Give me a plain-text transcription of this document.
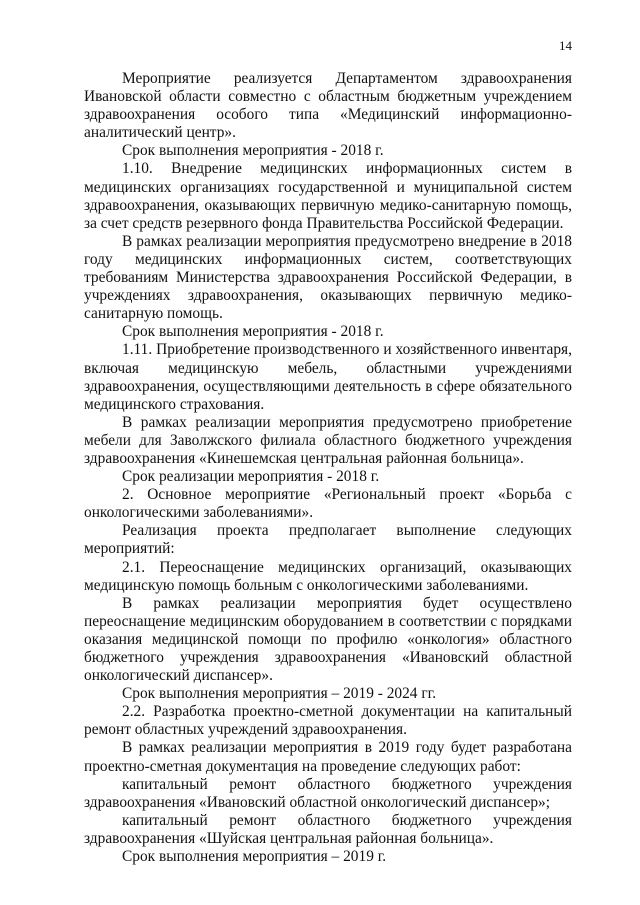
14

Мероприятие реализуется Департаментом здравоохранения Ивановской области совместно с областным бюджетным учреждением здравоохранения особого типа «Медицинский информационно-аналитический центр».

Срок выполнения мероприятия - 2018 г.

1.10. Внедрение медицинских информационных систем в медицинских организациях государственной и муниципальной систем здравоохранения, оказывающих первичную медико-санитарную помощь, за счет средств резервного фонда Правительства Российской Федерации.

В рамках реализации мероприятия предусмотрено внедрение в 2018 году медицинских информационных систем, соответствующих требованиям Министерства здравоохранения Российской Федерации, в учреждениях здравоохранения, оказывающих первичную медико-санитарную помощь.

Срок выполнения мероприятия - 2018 г.

1.11. Приобретение производственного и хозяйственного инвентаря, включая медицинскую мебель, областными учреждениями здравоохранения, осуществляющими деятельность в сфере обязательного медицинского страхования.

В рамках реализации мероприятия предусмотрено приобретение мебели для Заволжского филиала областного бюджетного учреждения здравоохранения «Кинешемская центральная районная больница».

Срок реализации мероприятия - 2018 г.

2. Основное мероприятие «Региональный проект «Борьба с онкологическими заболеваниями».

Реализация проекта предполагает выполнение следующих мероприятий:

2.1. Переоснащение медицинских организаций, оказывающих медицинскую помощь больным с онкологическими заболеваниями.

В рамках реализации мероприятия будет осуществлено переоснащение медицинским оборудованием в соответствии с порядками оказания медицинской помощи по профилю «онкология» областного бюджетного учреждения здравоохранения «Ивановский областной онкологический диспансер».

Срок выполнения мероприятия – 2019 - 2024 гг.

2.2. Разработка проектно-сметной документации на капитальный ремонт областных учреждений здравоохранения.

В рамках реализации мероприятия в 2019 году будет разработана проектно-сметная документация на проведение следующих работ:

капитальный ремонт областного бюджетного учреждения здравоохранения «Ивановский областной онкологический диспансер»;

капитальный ремонт областного бюджетного учреждения здравоохранения «Шуйская центральная районная больница».

Срок выполнения мероприятия – 2019 г.
